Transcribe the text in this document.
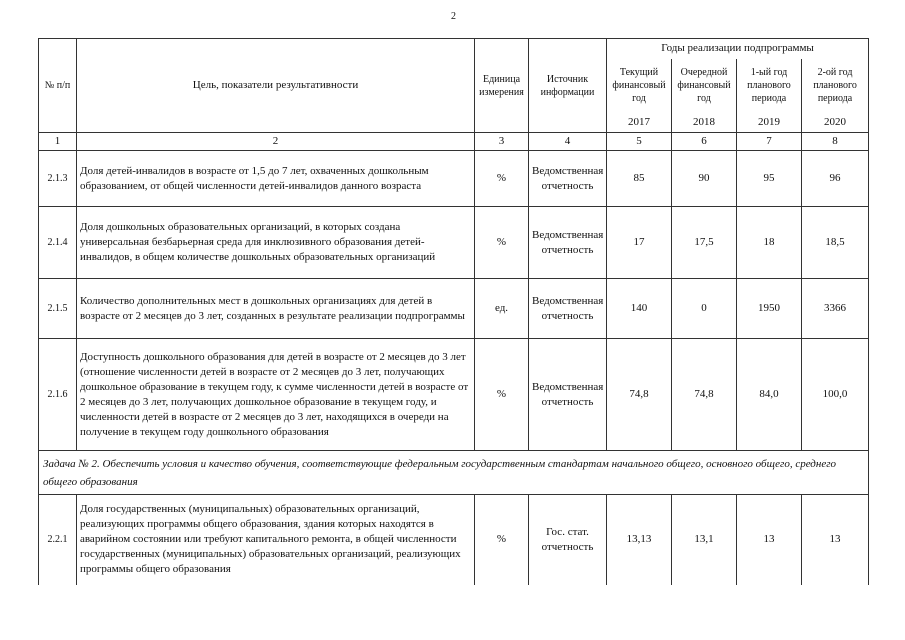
2
№ п/п	Цель, показатели результативности	Единица измерения	Источник информации	Годы реализации подпрограммы			
				Текущий финансовый год	Очередной финансовый год	1-ый год планового периода	2-ой год планового периода
				2017	2018	2019	2020
1	2	3	4	5	6	7	8
2.1.3	Доля детей-инвалидов в возрасте от 1,5 до 7 лет, охваченных дошкольным образованием, от общей численности детей-инвалидов данного возраста	%	Ведомственная отчетность	85	90	95	96
2.1.4	Доля дошкольных образовательных организаций, в которых создана универсальная безбарьерная среда для инклюзивного образования детей-инвалидов, в общем количестве дошкольных образовательных организаций	%	Ведомственная отчетность	17	17,5	18	18,5
2.1.5	Количество дополнительных мест в дошкольных организациях для детей в возрасте от 2 месяцев до 3 лет, созданных в результате реализации подпрограммы	ед.	Ведомственная отчетность	140	0	1950	3366
2.1.6	Доступность дошкольного образования для детей в возрасте от 2 месяцев до 3 лет (отношение численности детей в возрасте от 2 месяцев до 3 лет, получающих дошкольное образование в текущем году, к сумме численности детей в возрасте от 2 месяцев до 3 лет, получающих дошкольное образование в текущем году, и численности детей в возрасте от 2 месяцев до 3 лет, находящихся в очереди на получение в текущем году дошкольного образования	%	Ведомственная отчетность	74,8	74,8	84,0	100,0
Задача № 2. Обеспечить условия и качество обучения, соответствующие федеральным государственным стандартам начального общего, основного общего, среднего общего образования							
2.2.1	Доля государственных (муниципальных) образовательных организаций, реализующих программы общего образования, здания которых находятся в аварийном состоянии или требуют капитального ремонта, в общей численности государственных (муниципальных) образовательных организаций, реализующих программы общего образования	%	Гос. стат. отчетность	13,13	13,1	13	13
